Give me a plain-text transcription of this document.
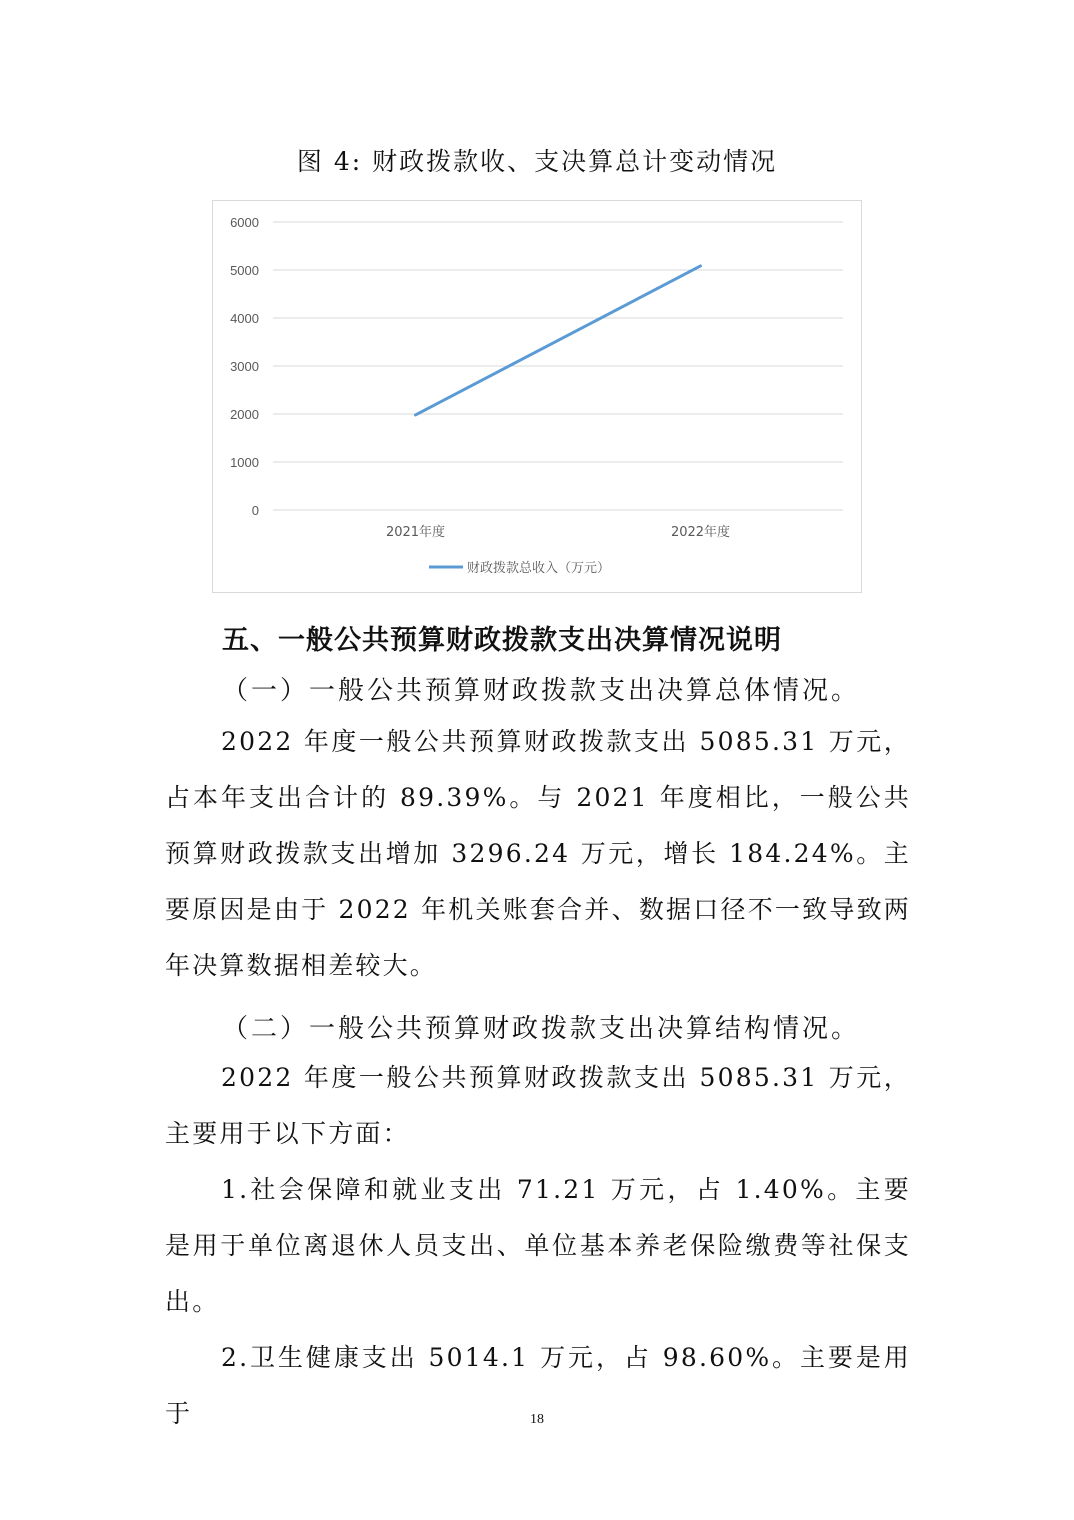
图 4: 财政拨款收、支决算总计变动情况
0
1000
2000
3000
4000
5000
6000
2021年度	2022年度
财政拨款总收入（万元）
五、一般公共预算财政拨款支出决算情况说明
（一）一般公共预算财政拨款支出决算总体情况。

2022 年度一般公共预算财政拨款支出 5085.31 万元，占本年支出合计的 89.39%。与 2021 年度相比，一般公共预算财政拨款支出增加 3296.24 万元，增长 184.24%。主要原因是由于 2022 年机关账套合并、数据口径不一致导致两年决算数据相差较大。

（二）一般公共预算财政拨款支出决算结构情况。

2022 年度一般公共预算财政拨款支出 5085.31 万元，主要用于以下方面：

1.社会保障和就业支出 71.21 万元，占 1.40%。主要是用于单位离退休人员支出、单位基本养老保险缴费等社保支出。

2.卫生健康支出 5014.1 万元，占 98.60%。主要是用于	18
